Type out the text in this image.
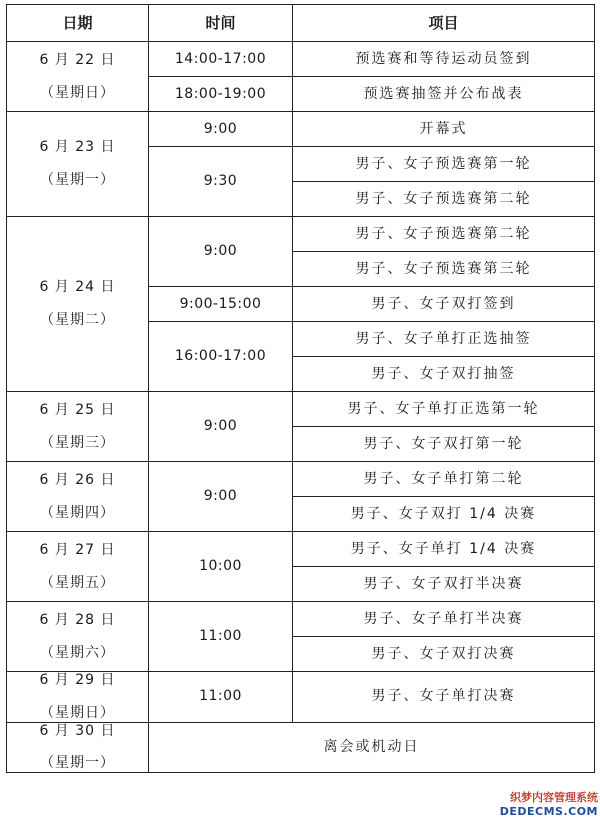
日期	时间	项目

6 月 22 日
（星期日）	14:00-17:00	预选赛和等待运动员签到
	18:00-19:00	预选赛抽签并公布战表

6 月 23 日
（星期一）	9:00	开幕式
	9:30	男子、女子预选赛第一轮
		男子、女子预选赛第二轮

6 月 24 日
（星期二）	9:00	男子、女子预选赛第二轮
		男子、女子预选赛第三轮
	9:00-15:00	男子、女子双打签到
	16:00-17:00	男子、女子单打正选抽签
		男子、女子双打抽签

6 月 25 日
（星期三）	9:00	男子、女子单打正选第一轮
		男子、女子双打第一轮

6 月 26 日
（星期四）	9:00	男子、女子单打第二轮
		男子、女子双打 1/4 决赛

6 月 27 日
（星期五）	10:00	男子、女子单打 1/4 决赛
		男子、女子双打半决赛

6 月 28 日
（星期六）	11:00	男子、女子单打半决赛
		男子、女子双打决赛

6 月 29 日
（星期日）	11:00	男子、女子单打决赛

6 月 30 日
（星期一）	离会或机动日	

织梦内容管理系统
DEDECMS.COM
